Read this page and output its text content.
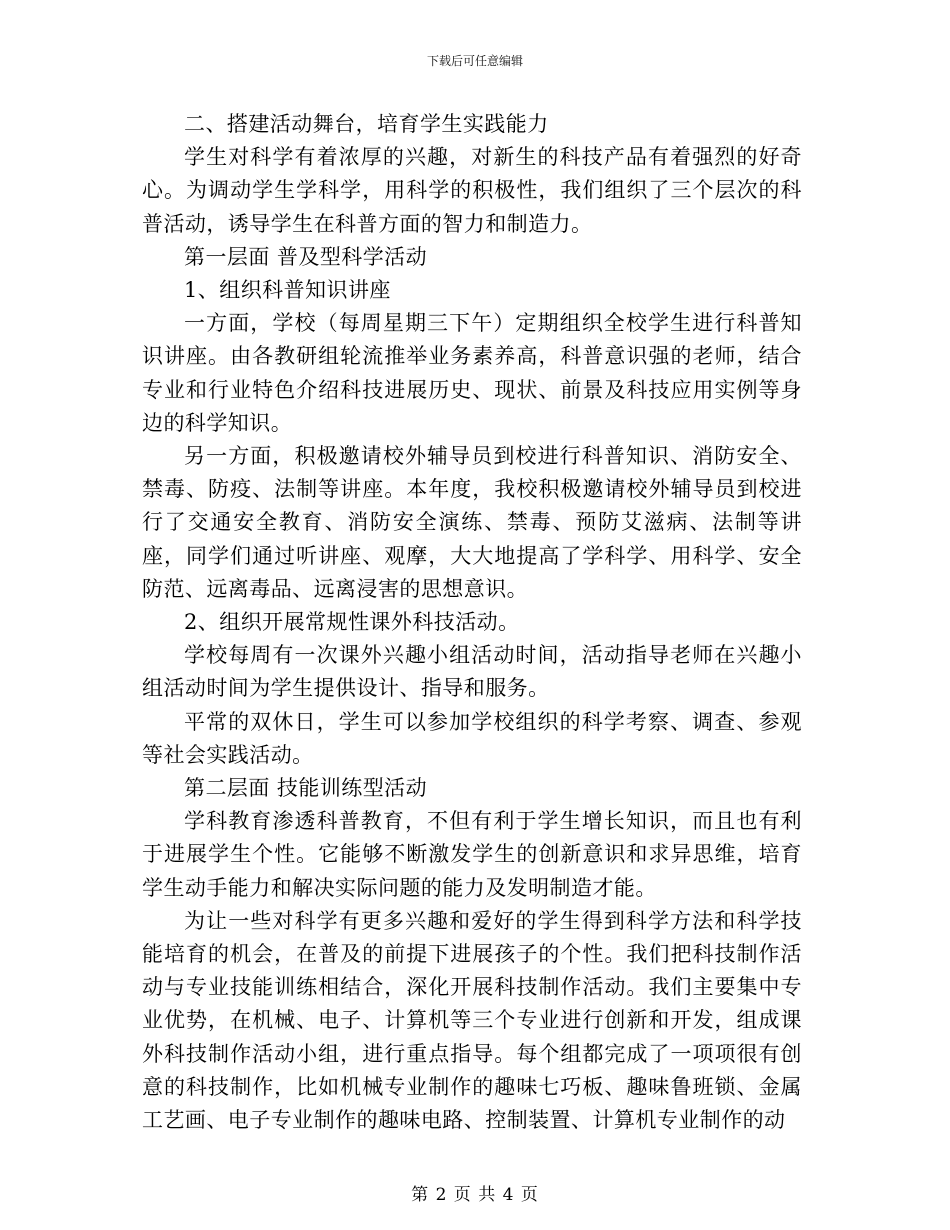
下载后可任意编辑

二、搭建活动舞台，培育学生实践能力

学生对科学有着浓厚的兴趣，对新生的科技产品有着强烈的好奇心。为调动学生学科学，用科学的积极性，我们组织了三个层次的科普活动，诱导学生在科普方面的智力和制造力。

第一层面 普及型科学活动

1、组织科普知识讲座

一方面，学校（每周星期三下午）定期组织全校学生进行科普知识讲座。由各教研组轮流推举业务素养高，科普意识强的老师，结合专业和行业特色介绍科技进展历史、现状、前景及科技应用实例等身边的科学知识。

另一方面，积极邀请校外辅导员到校进行科普知识、消防安全、禁毒、防疫、法制等讲座。本年度，我校积极邀请校外辅导员到校进行了交通安全教育、消防安全演练、禁毒、预防艾滋病、法制等讲座，同学们通过听讲座、观摩，大大地提高了学科学、用科学、安全防范、远离毒品、远离浸害的思想意识。

2、组织开展常规性课外科技活动。

学校每周有一次课外兴趣小组活动时间，活动指导老师在兴趣小组活动时间为学生提供设计、指导和服务。

平常的双休日，学生可以参加学校组织的科学考察、调查、参观等社会实践活动。

第二层面 技能训练型活动

学科教育渗透科普教育，不但有利于学生增长知识，而且也有利于进展学生个性。它能够不断激发学生的创新意识和求异思维，培育学生动手能力和解决实际问题的能力及发明制造才能。

为让一些对科学有更多兴趣和爱好的学生得到科学方法和科学技能培育的机会，在普及的前提下进展孩子的个性。我们把科技制作活动与专业技能训练相结合，深化开展科技制作活动。我们主要集中专业优势，在机械、电子、计算机等三个专业进行创新和开发，组成课外科技制作活动小组，进行重点指导。每个组都完成了一项项很有创意的科技制作，比如机械专业制作的趣味七巧板、趣味鲁班锁、金属工艺画、电子专业制作的趣味电路、控制装置、计算机专业制作的动

第 2 页 共 4 页
